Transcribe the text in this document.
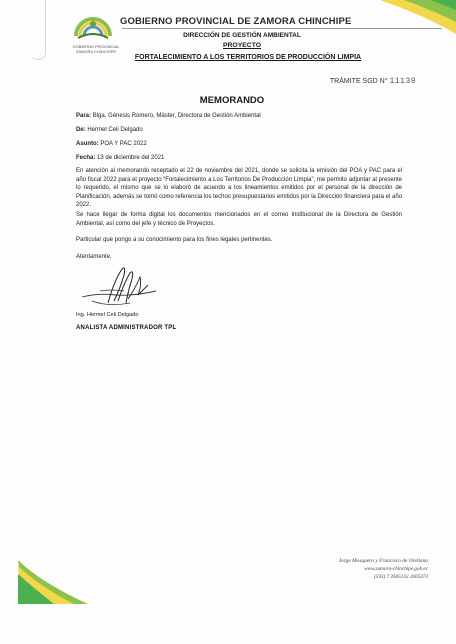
GOBIERNO PROVINCIAL ZAMORA CHINCHIPE
GOBIERNO PROVINCIAL DE ZAMORA CHINCHIPE
DIRECCIÓN DE GESTIÓN AMBIENTAL
PROYECTO
FORTALECIMIENTO A LOS TERRITORIOS DE PRODUCCIÓN LIMPIA
TRÁMITE SGD N° 11139
MEMORANDO
Para: Blga. Génesis Romero, Máster, Directora de Gestión Ambiental
De: Hermel Celi Delgado
Asunto: POA Y PAC 2022
Fecha: 13 de diciembre del 2021
En atención al memorando receptado el 22 de noviembre del 2021, donde se solicita la emisión del POA y PAC para el año fiscal 2022 para el proyecto “Fortalecimiento a Los Territorios De Producción Limpia”, me permito adjuntar al presente lo requerido, el mismo que se lo elaboró de acuerdo a los lineamientos emitidos por el personal de la dirección de Planificación, además se tomó como referencia los techos presupuestarios emitidos por la Dirección financiera para el año 2022.
Se hace llegar de forma digital los documentos mencionados en el correo institucional de la Directora de Gestión Ambiental, así como del jefe y técnico de Proyectos.
Particular que pongo a su conocimiento para los fines legales pertinentes.
Atentamente,
Ing. Hermel Celi Delgado
ANALISTA ADMINISTRADOR TPL
Jorge Mosquera y Francisco de Orellana
www.zamora-chinchipe.gob.ec
(593) 7 2605132 2605373
